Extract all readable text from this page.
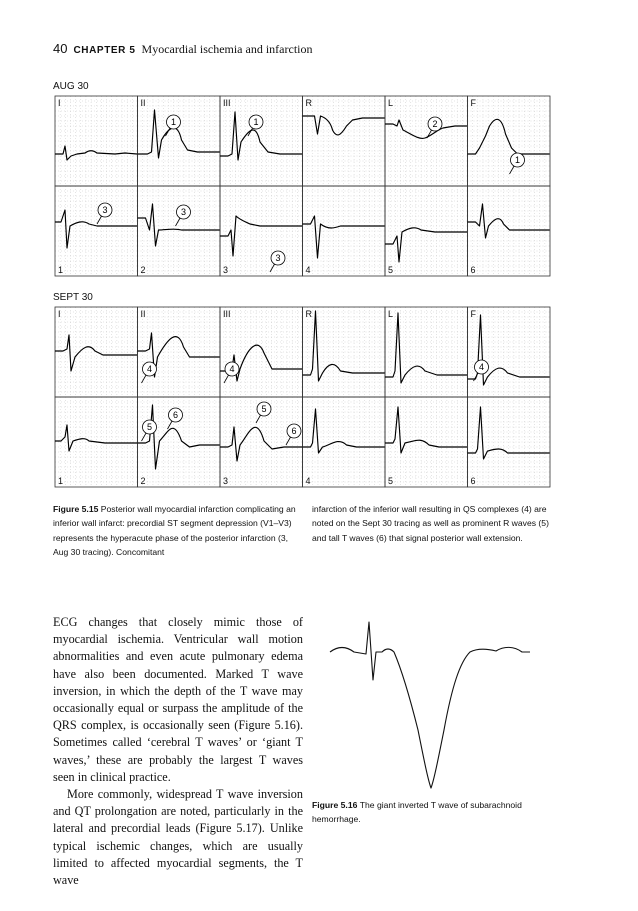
40 CHAPTER 5 Myocardial ischemia and infarction
AUG 30
I	II	III	R	L	F
1	2	3	4	5	6
1	1	2
1
3	3
3
SEPT 30
I	II	III	R	L	F
1	2	3	4	5	6
4	4	4
5
6
5
6
Figure 5.15 Posterior wall myocardial infarction complicating an inferior wall infarct: precordial ST segment depression (V1–V3) represents the hyperacute phase of the posterior infarction (3, Aug 30 tracing). Concomitant
infarction of the inferior wall resulting in QS complexes (4) are noted on the Sept 30 tracing as well as prominent R waves (5) and tall T waves (6) that signal posterior wall extension.

ECG changes that closely mimic those of myocardial ischemia. Ventricular wall motion abnormalities and even acute pulmonary edema have also been documented. Marked T wave inversion, in which the depth of the T wave may occasionally equal or surpass the amplitude of the QRS complex, is occasionally seen (Figure 5.16). Sometimes called ‘cerebral T waves’ or ‘giant T waves,’ these are probably the largest T waves seen in clinical practice.

More commonly, widespread T wave inversion and QT prolongation are noted, particularly in the lateral and precordial leads (Figure 5.17). Unlike typical ischemic changes, which are usually limited to affected myocardial segments, the T wave

Figure 5.16 The giant inverted T wave of subarachnoid hemorrhage.
